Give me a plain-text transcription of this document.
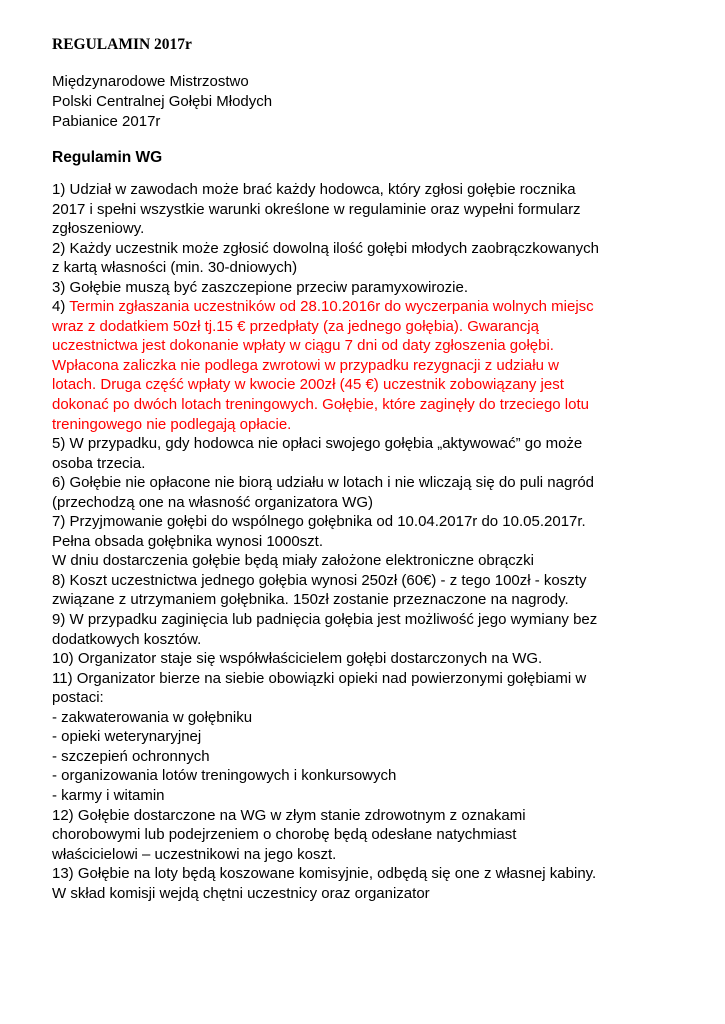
REGULAMIN 2017r
Międzynarodowe Mistrzostwo
Polski Centralnej Gołębi Młodych
Pabianice 2017r
Regulamin WG
1) Udział w zawodach może brać każdy hodowca, który zgłosi gołębie rocznika
2017 i spełni wszystkie warunki określone w regulaminie oraz wypełni formularz
zgłoszeniowy.
2) Każdy uczestnik może zgłosić dowolną ilość gołębi młodych zaobrączkowanych
z kartą własności (min. 30-dniowych)
3) Gołębie muszą być zaszczepione przeciw paramyxowirozie.
4) Termin zgłaszania uczestników od 28.10.2016r do wyczerpania wolnych miejsc
wraz z dodatkiem 50zł tj.15 € przedpłaty (za jednego gołębia). Gwarancją
uczestnictwa jest dokonanie wpłaty w ciągu 7 dni od daty zgłoszenia gołębi.
Wpłacona zaliczka nie podlega zwrotowi w przypadku rezygnacji z udziału w
lotach. Druga część wpłaty w kwocie 200zł (45 €) uczestnik zobowiązany jest
dokonać po dwóch lotach treningowych. Gołębie, które zaginęły do trzeciego lotu
treningowego nie podlegają opłacie.
5) W przypadku, gdy hodowca nie opłaci swojego gołębia „aktywować” go może
osoba trzecia.
6) Gołębie nie opłacone nie biorą udziału w lotach i nie wliczają się do puli nagród
(przechodzą one na własność organizatora WG)
7) Przyjmowanie gołębi do wspólnego gołębnika od 10.04.2017r do 10.05.2017r.
Pełna obsada gołębnika wynosi 1000szt.
W dniu dostarczenia gołębie będą miały założone elektroniczne obrączki
8) Koszt uczestnictwa jednego gołębia wynosi 250zł (60€) - z tego 100zł - koszty
związane z utrzymaniem gołębnika. 150zł zostanie przeznaczone na nagrody.
9) W przypadku zaginięcia lub padnięcia gołębia jest możliwość jego wymiany bez
dodatkowych kosztów.
10) Organizator staje się współwłaścicielem gołębi dostarczonych na WG.
11) Organizator bierze na siebie obowiązki opieki nad powierzonymi gołębiami w
postaci:
- zakwaterowania w gołębniku
- opieki weterynaryjnej
- szczepień ochronnych
- organizowania lotów treningowych i konkursowych
- karmy i witamin
12) Gołębie dostarczone na WG w złym stanie zdrowotnym z oznakami
chorobowymi lub podejrzeniem o chorobę będą odesłane natychmiast
właścicielowi – uczestnikowi na jego koszt.
13) Gołębie na loty będą koszowane komisyjnie, odbędą się one z własnej kabiny.
W skład komisji wejdą chętni uczestnicy oraz organizator
